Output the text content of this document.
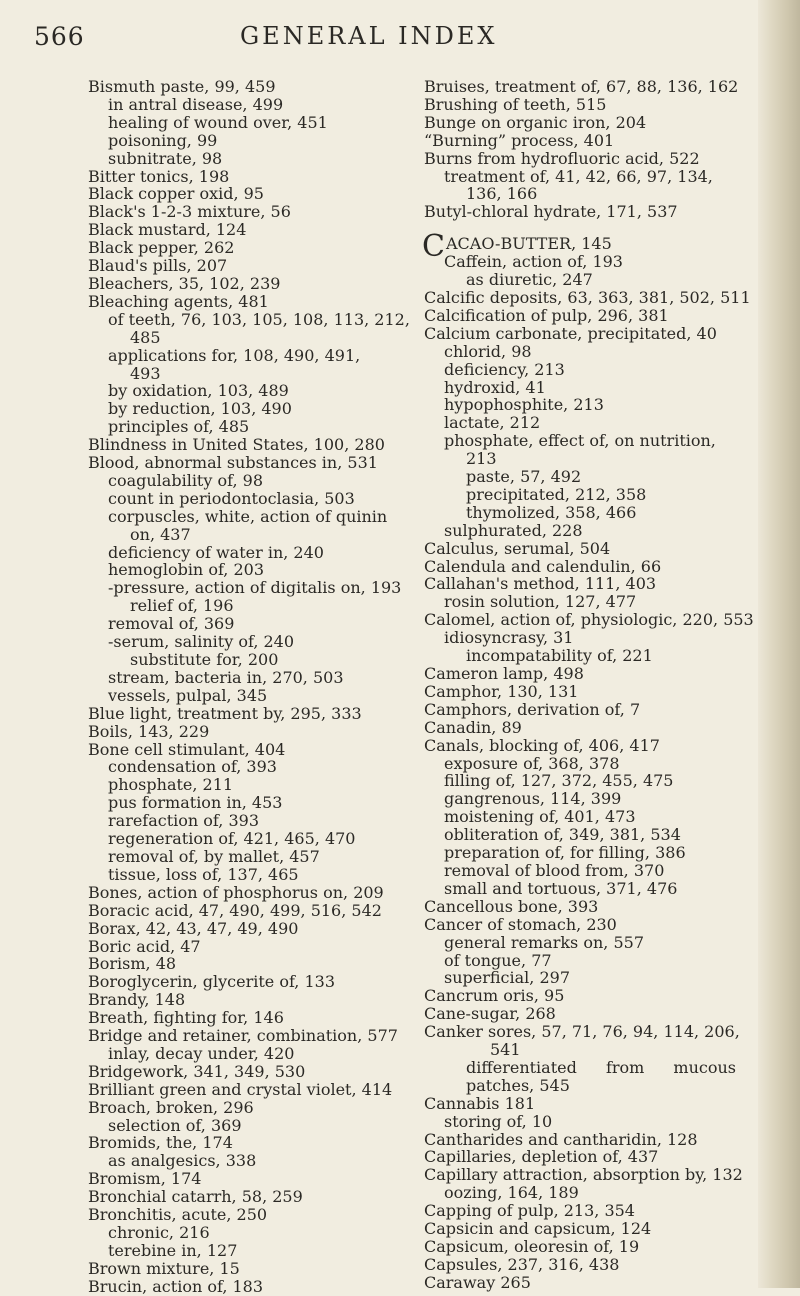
566	GENERAL INDEX
Bismuth paste, 99, 459
in antral disease, 499
healing of wound over, 451
poisoning, 99
subnitrate, 98
Bitter tonics, 198
Black copper oxid, 95
Black's 1-2-3 mixture, 56
Black mustard, 124
Black pepper, 262
Blaud's pills, 207
Bleachers, 35, 102, 239
Bleaching agents, 481
of teeth, 76, 103, 105, 108, 113, 212,
485
applications for, 108, 490, 491,
493
by oxidation, 103, 489
by reduction, 103, 490
principles of, 485
Blindness in United States, 100, 280
Blood, abnormal substances in, 531
coagulability of, 98
count in periodontoclasia, 503
corpuscles, white, action of quinin
on, 437
deficiency of water in, 240
hemoglobin of, 203
-pressure, action of digitalis on, 193
relief of, 196
removal of, 369
-serum, salinity of, 240
substitute for, 200
stream, bacteria in, 270, 503
vessels, pulpal, 345
Blue light, treatment by, 295, 333
Boils, 143, 229
Bone cell stimulant, 404
condensation of, 393
phosphate, 211
pus formation in, 453
rarefaction of, 393
regeneration of, 421, 465, 470
removal of, by mallet, 457
tissue, loss of, 137, 465
Bones, action of phosphorus on, 209
Boracic acid, 47, 490, 499, 516, 542
Borax, 42, 43, 47, 49, 490
Boric acid, 47
Borism, 48
Boroglycerin, glycerite of, 133
Brandy, 148
Breath, fighting for, 146
Bridge and retainer, combination, 577
inlay, decay under, 420
Bridgework, 341, 349, 530
Brilliant green and crystal violet, 414
Broach, broken, 296
selection of, 369
Bromids, the, 174
as analgesics, 338
Bromism, 174
Bronchial catarrh, 58, 259
Bronchitis, acute, 250
chronic, 216
terebine in, 127
Brown mixture, 15
Brucin, action of, 183
Bruises, treatment of, 67, 88, 136, 162
Brushing of teeth, 515
Bunge on organic iron, 204
“Burning” process, 401
Burns from hydrofluoric acid, 522
treatment of, 41, 42, 66, 97, 134,
136, 166
Butyl-chloral hydrate, 171, 537
C ACAO-BUTTER, 145
Caffein, action of, 193
as diuretic, 247
Calcific deposits, 63, 363, 381, 502, 511
Calcification of pulp, 296, 381
Calcium carbonate, precipitated, 40
chlorid, 98
deficiency, 213
hydroxid, 41
hypophosphite, 213
lactate, 212
phosphate, effect of, on nutrition,
213
paste, 57, 492
precipitated, 212, 358
thymolized, 358, 466
sulphurated, 228
Calculus, serumal, 504
Calendula and calendulin, 66
Callahan's method, 111, 403
rosin solution, 127, 477
Calomel, action of, physiologic, 220, 553
idiosyncrasy, 31
incompatability of, 221
Cameron lamp, 498
Camphor, 130, 131
Camphors, derivation of, 7
Canadin, 89
Canals, blocking of, 406, 417
exposure of, 368, 378
filling of, 127, 372, 455, 475
gangrenous, 114, 399
moistening of, 401, 473
obliteration of, 349, 381, 534
preparation of, for filling, 386
removal of blood from, 370
small and tortuous, 371, 476
Cancellous bone, 393
Cancer of stomach, 230
general remarks on, 557
of tongue, 77
superficial, 297
Cancrum oris, 95
Cane-sugar, 268
Canker sores, 57, 71, 76, 94, 114, 206,
541
differentiated from mucous
patches, 545
Cannabis 181
storing of, 10
Cantharides and cantharidin, 128
Capillaries, depletion of, 437
Capillary attraction, absorption by, 132
oozing, 164, 189
Capping of pulp, 213, 354
Capsicin and capsicum, 124
Capsicum, oleoresin of, 19
Capsules, 237, 316, 438
Caraway 265
